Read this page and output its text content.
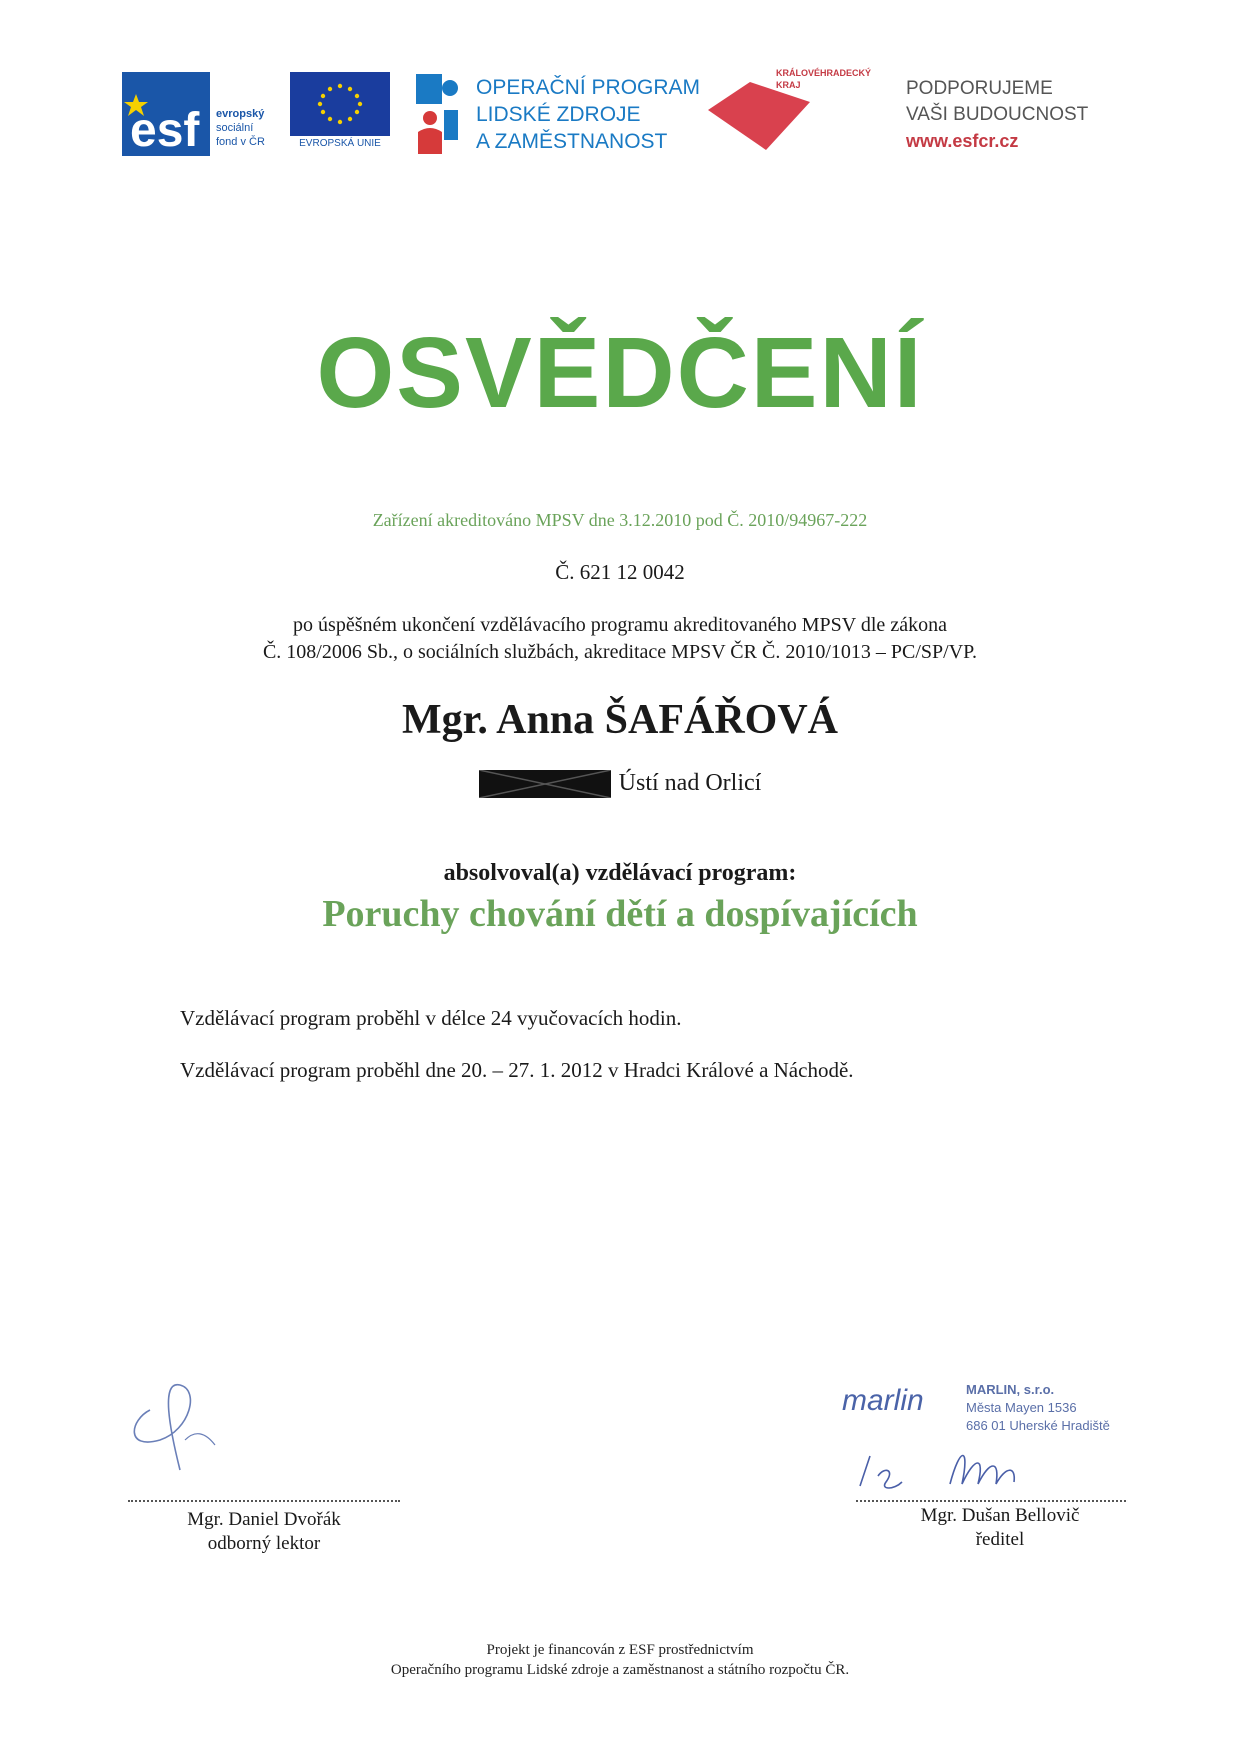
esf evropský
sociální
fond v ČR	EVROPSKÁ UNIE
OPERAČNÍ PROGRAM
LIDSKÉ ZDROJE
A ZAMĚSTNANOST
KRÁLOVÉHRADECKÝ
KRAJ	PODPORUJEME
VAŠI BUDOUCNOST
www.esfcr.cz
OSVĚDČENÍ
Zařízení akreditováno MPSV dne 3.12.2010 pod Č. 2010/94967-222
Č. 621 12 0042
po úspěšném ukončení vzdělávacího programu akreditovaného MPSV dle zákona
Č. 108/2006 Sb., o sociálních službách, akreditace MPSV ČR Č. 2010/1013 – PC/SP/VP.
Mgr. Anna ŠAFÁŘOVÁ
Ústí nad Orlicí
absolvoval(a) vzdělávací program:
Poruchy chování dětí a dospívajících
Vzdělávací program proběhl v délce 24 vyučovacích hodin.
Vzdělávací program proběhl dne 20. – 27. 1. 2012 v Hradci Králové a Náchodě.
Mgr. Daniel Dvořák
odborný lektor
marlin	MARLIN, s.r.o.
Města Mayen 1536
686 01 Uherské Hradiště
Mgr. Dušan Bellovič
ředitel
Projekt je financován z ESF prostřednictvím
Operačního programu Lidské zdroje a zaměstnanost a státního rozpočtu ČR.
